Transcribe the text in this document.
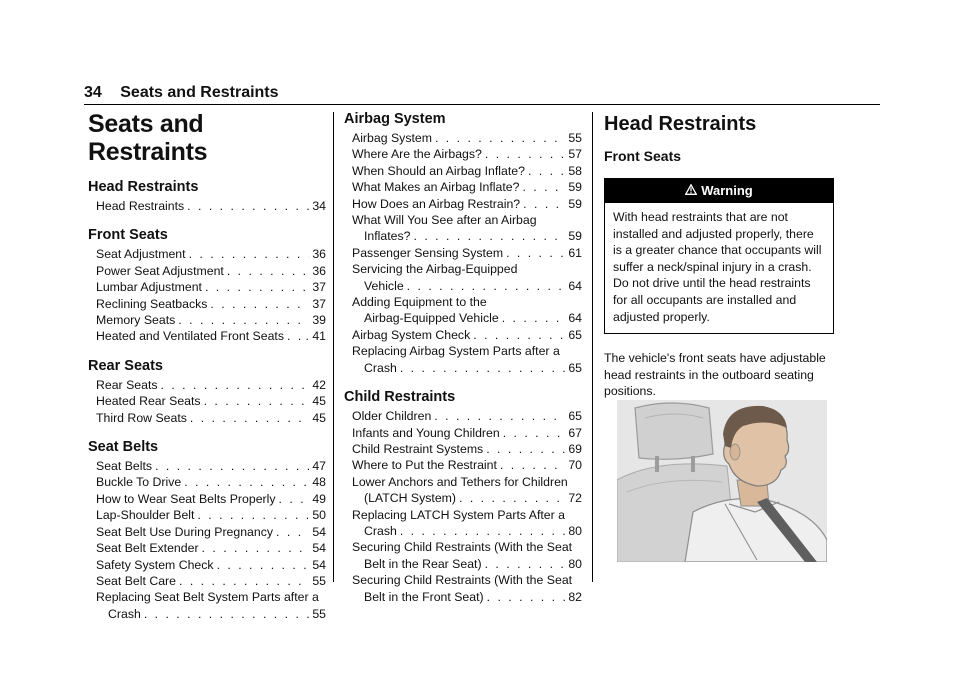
34 Seats and Restraints
Seats and Restraints
Head Restraints
Head Restraints . . .	34
Front Seats
Seat Adjustment . . .	36
Power Seat Adjustment . . .	36
Lumbar Adjustment . . .	37
Reclining Seatbacks . . .	37
Memory Seats . . .	39
Heated and Ventilated Front Seats . . . . 41
Rear Seats
Rear Seats . . .	42
Heated Rear Seats . . .	45
Third Row Seats . . .	45
Seat Belts
Seat Belts . . .	47
Buckle To Drive . . .	48
How to Wear Seat Belts Properly . . .	49
Lap-Shoulder Belt . . .	50
Seat Belt Use During Pregnancy . . .	54
Seat Belt Extender . . .	54
Safety System Check . . .	54
Seat Belt Care . . .	55
Replacing Seat Belt System Parts after a
Crash . . .	55
Airbag System
Airbag System . . .	55
Where Are the Airbags? . . .	57
When Should an Airbag Inflate? . . .	58
What Makes an Airbag Inflate? . . .	59
How Does an Airbag Restrain? . . .	59
What Will You See after an Airbag
Inflates? . . .	59
Passenger Sensing System . . .	61
Servicing the Airbag-Equipped
Vehicle . . .	64
Adding Equipment to the
Airbag-Equipped Vehicle . . .	64
Airbag System Check . . .	65
Replacing Airbag System Parts after a
Crash . . .	65
Child Restraints
Older Children . . .	65
Infants and Young Children . . .	67
Child Restraint Systems . . .	69
Where to Put the Restraint . . .	70
Lower Anchors and Tethers for Children
(LATCH System) . . .	72
Replacing LATCH System Parts After a
Crash . . .	80
Securing Child Restraints (With the Seat
Belt in the Rear Seat) . . .	80
Securing Child Restraints (With the Seat
Belt in the Front Seat) . . .	82
Head Restraints
Front Seats
Warning
With head restraints that are not installed and adjusted properly, there is a greater chance that occupants will suffer a neck/spinal injury in a crash. Do not drive until the head restraints for all occupants are installed and adjusted properly.
The vehicle's front seats have adjustable head restraints in the outboard seating positions.
